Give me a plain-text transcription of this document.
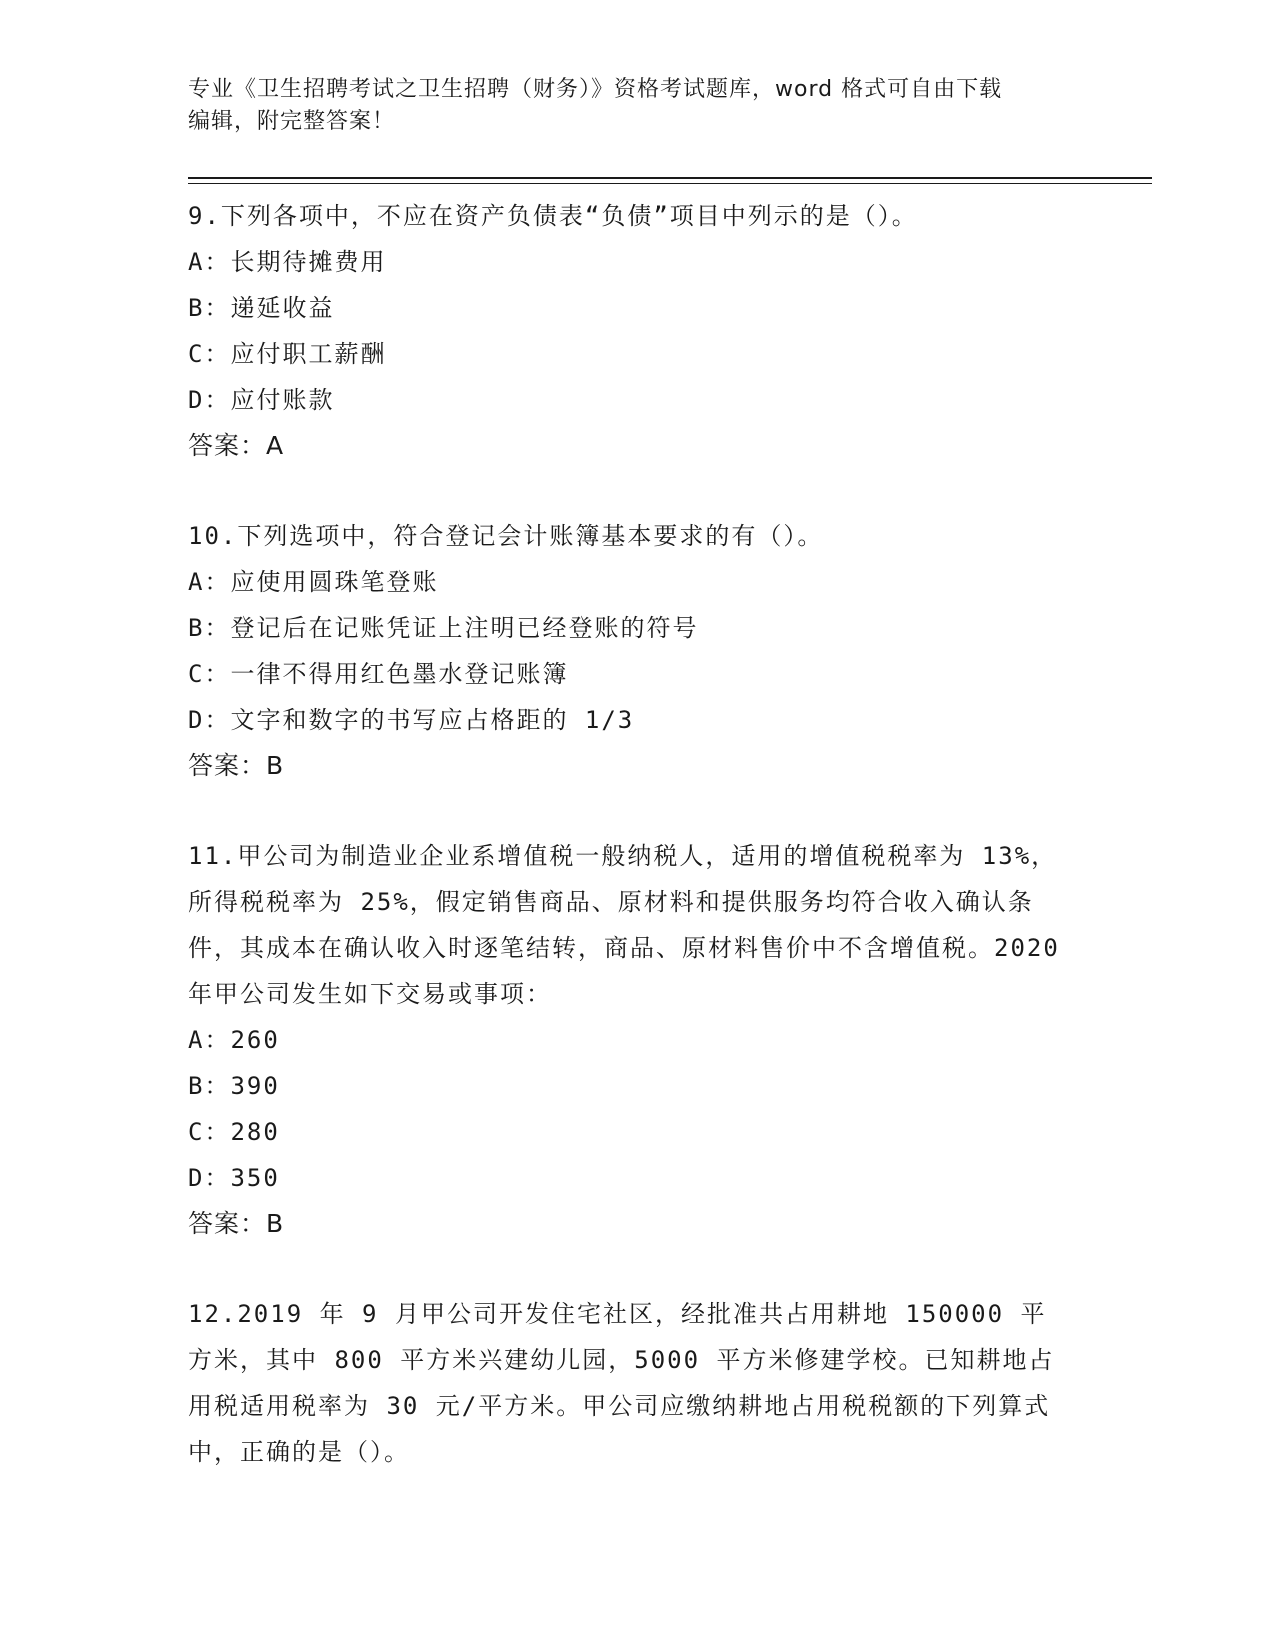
专业《卫生招聘考试之卫生招聘（财务）》资格考试题库，word 格式可自由下载
编辑，附完整答案！

9.下列各项中，不应在资产负债表“负债”项目中列示的是（）。

A：长期待摊费用

B：递延收益

C：应付职工薪酬

D：应付账款

答案：A

10.下列选项中，符合登记会计账簿基本要求的有（）。

A：应使用圆珠笔登账

B：登记后在记账凭证上注明已经登账的符号

C：一律不得用红色墨水登记账簿

D：文字和数字的书写应占格距的 1/3

答案：B

11.甲公司为制造业企业系增值税一般纳税人，适用的增值税税率为 13%，所得税税率为 25%，假定销售商品、原材料和提供服务均符合收入确认条件，其成本在确认收入时逐笔结转，商品、原材料售价中不含增值税。2020 年甲公司发生如下交易或事项：

A：260

B：390

C：280

D：350

答案：B

12.2019 年 9 月甲公司开发住宅社区，经批准共占用耕地 150000 平方米，其中 800 平方米兴建幼儿园，5000 平方米修建学校。已知耕地占用税适用税率为 30 元/平方米。甲公司应缴纳耕地占用税税额的下列算式中，正确的是（）。
